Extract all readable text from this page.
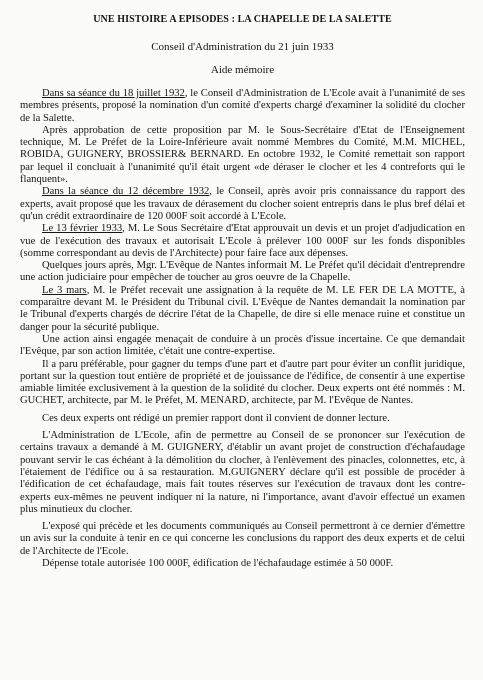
UNE HISTOIRE A EPISODES : LA CHAPELLE DE LA SALETTE
Conseil d'Administration du 21 juin 1933
Aide mémoire

Dans sa séance du 18 juillet 1932, le Conseil d'Administration de L'Ecole avait à l'unanimité de ses membres présents, proposé la nomination d'un comité d'experts chargé d'examiner la solidité du clocher de la Salette.

Après approbation de cette proposition par M. le Sous-Secrétaire d'Etat de l'Enseignement technique, M. Le Préfet de la Loire-Inférieure avait nommé Membres du Comité, M.M. MICHEL, ROBIDA, GUIGNERY, BROSSIER& BERNARD. En octobre 1932, le Comité remettait son rapport par lequel il concluait à l'unanimité qu'il était urgent «de déraser le clocher et les 4 contreforts qui le flanquent».

Dans la séance du 12 décembre 1932, le Conseil, après avoir pris connaissance du rapport des experts, avait proposé que les travaux de dérasement du clocher soient entrepris dans le plus bref délai et qu'un crédit extraordinaire de 120 000F soit accordé à L'Ecole.

Le 13 février 1933, M. Le Sous Secrétaire d'Etat approuvait un devis et un projet d'adjudication en vue de l'exécution des travaux et autorisait L'Ecole à prélever 100 000F sur les fonds disponibles (somme correspondant au devis de l'Architecte) pour faire face aux dépenses.

Quelques jours après, Mgr. L'Evêque de Nantes informait M. Le Préfet qu'il décidait d'entreprendre une action judiciaire pour empêcher de toucher au gros oeuvre de la Chapelle.

Le 3 mars, M. le Préfet recevait une assignation à la requête de M. LE FER DE LA MOTTE, à comparaître devant M. le Président du Tribunal civil. L'Evêque de Nantes demandait la nomination par le Tribunal d'experts chargés de décrire l'état de la Chapelle, de dire si elle menace ruine et constitue un danger pour la sécurité publique.

Une action ainsi engagée menaçait de conduire à un procès d'issue incertaine. Ce que demandait l'Evêque, par son action limitée, c'était une contre-expertise.

Il a paru préférable, pour gagner du temps d'une part et d'autre part pour éviter un conflit juridique, portant sur la question tout entière de propriété et de jouissance de l'édifice, de consentir à une expertise amiable limitée exclusivement à la question de la solidité du clocher. Deux experts ont été nommés : M. GUCHET, architecte, par M. le Préfet, M. MENARD, architecte, par M. l'Evêque de Nantes.

Ces deux experts ont rédigé un premier rapport dont il convient de donner lecture.

L'Administration de L'Ecole, afin de permettre au Conseil de se prononcer sur l'exécution de certains travaux a demandé à M. GUIGNERY, d'établir un avant projet de construction d'échafaudage pouvant servir le cas échéant à la démolition du clocher, à l'enlèvement des pinacles, colonnettes, etc, à l'étaiement de l'édifice ou à sa restauration. M.GUIGNERY déclare qu'il est possible de procéder à l'édification de cet échafaudage, mais fait toutes réserves sur l'exécution de travaux dont les contre-experts eux-mêmes ne peuvent indiquer ni la nature, ni l'importance, avant d'avoir effectué un examen plus minutieux du clocher.

L'exposé qui précède et les documents communiqués au Conseil permettront à ce dernier d'émettre un avis sur la conduite à tenir en ce qui concerne les conclusions du rapport des deux experts et de celui de l'Architecte de l'Ecole.

Dépense totale autorisée 100 000F, édification de l'échafaudage estimée à 50 000F.
